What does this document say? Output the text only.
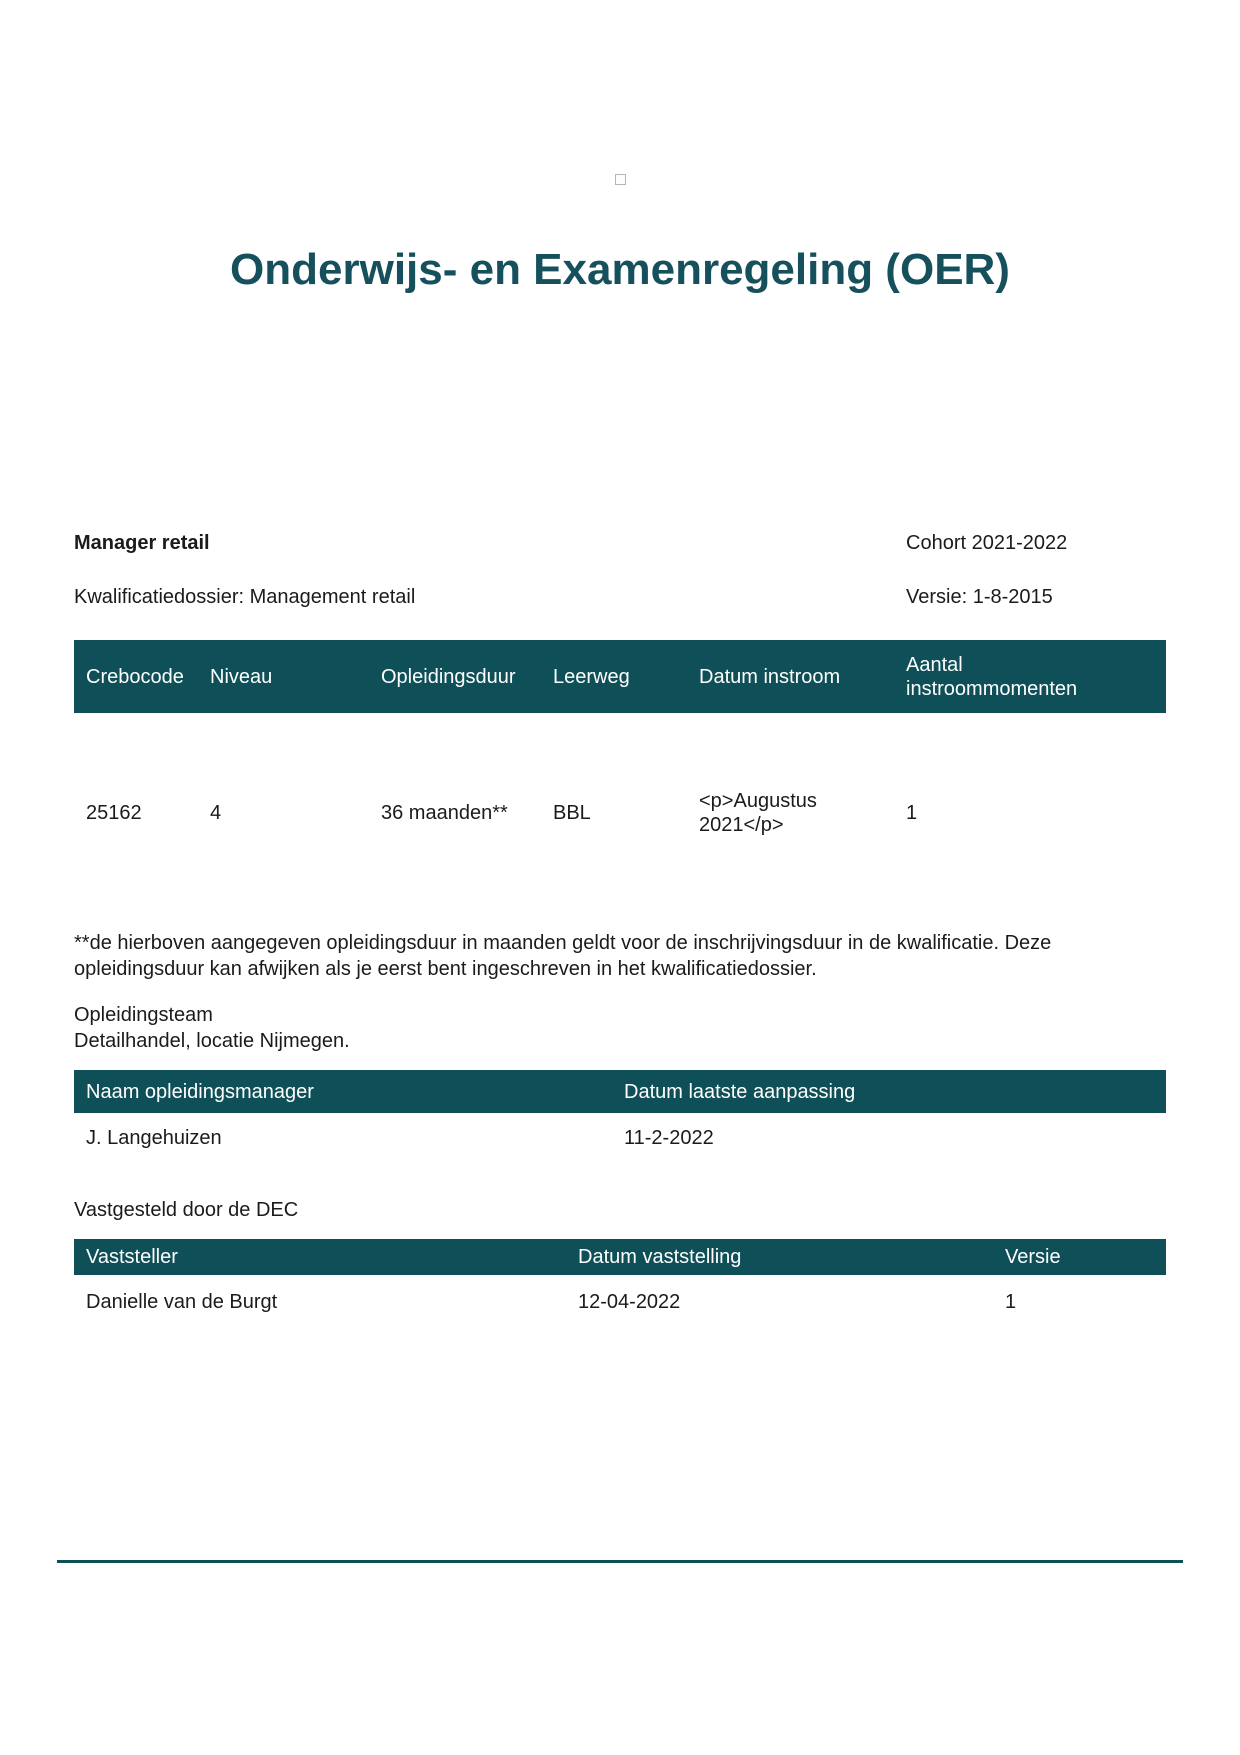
Onderwijs- en Examenregeling (OER)
Manager retail	Cohort 2021-2022
Kwalificatiedossier: Management retail	Versie: 1-8-2015
Crebocode	Niveau	Opleidingsduur	Leerweg	Datum instroom	Aantal instroommomenten
25162	4	36 maanden**	BBL	<p>Augustus 2021</p>	1

**de hierboven aangegeven opleidingsduur in maanden geldt voor de inschrijvingsduur in de kwalificatie. Deze opleidingsduur kan afwijken als je eerst bent ingeschreven in het kwalificatiedossier.

Opleidingsteam
Detailhandel, locatie Nijmegen.

Naam opleidingsmanager	Datum laatste aanpassing
J. Langehuizen	11-2-2022

Vastgesteld door de DEC

Vaststeller	Datum vaststelling	Versie
Danielle van de Burgt	12-04-2022	1
